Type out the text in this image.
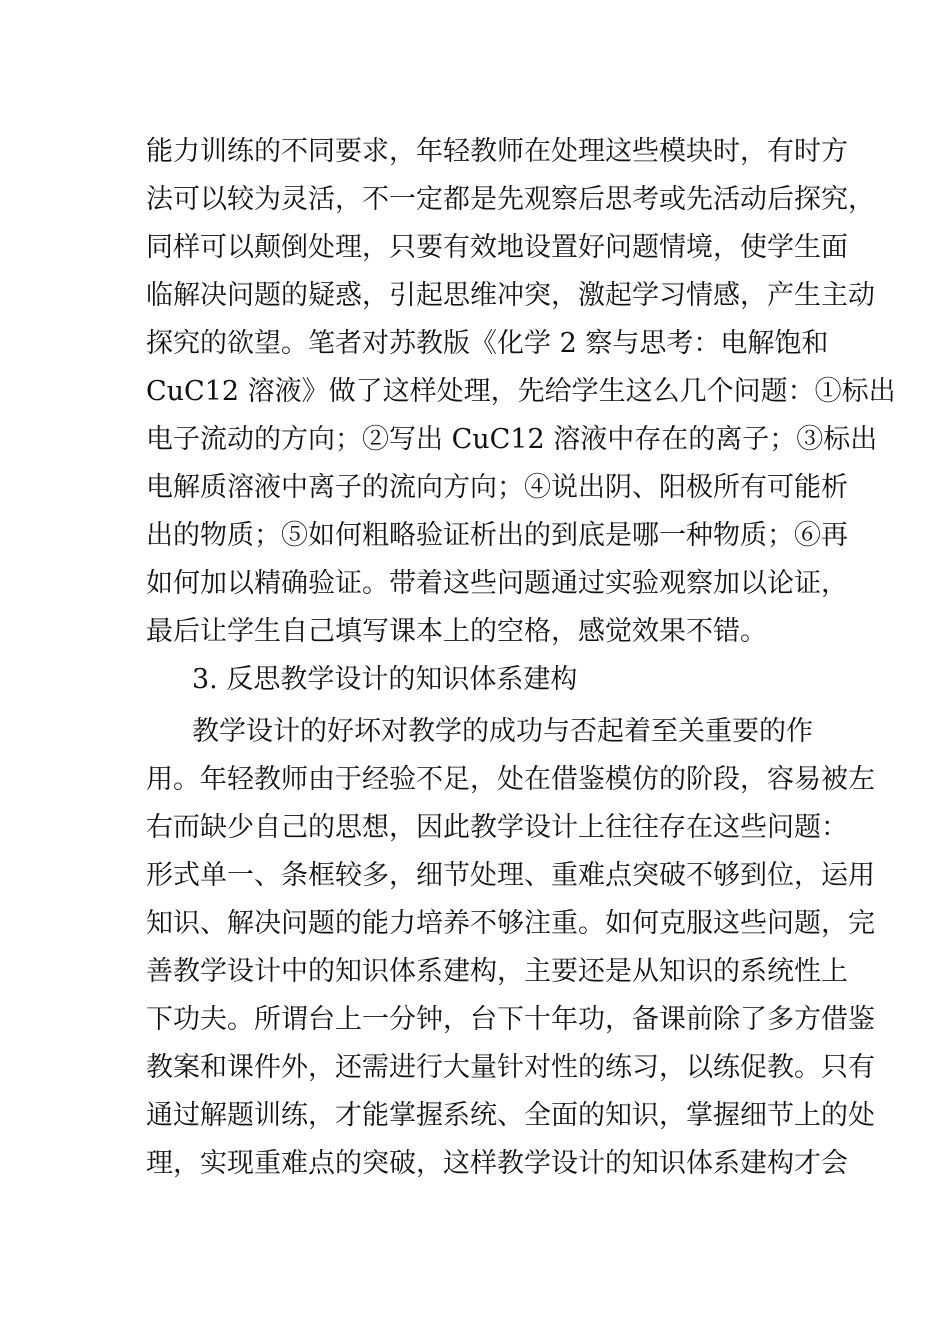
能力训练的不同要求，年轻教师在处理这些模块时，有时方
法可以较为灵活，不一定都是先观察后思考或先活动后探究，
同样可以颠倒处理，只要有效地设置好问题情境，使学生面
临解决问题的疑惑，引起思维冲突，激起学习情感，产生主动
探究的欲望。笔者对苏教版《化学 2 察与思考：电解饱和
CuC12 溶液》做了这样处理，先给学生这么几个问题：①标出
电子流动的方向；②写出 CuC12 溶液中存在的离子；③标出
电解质溶液中离子的流向方向；④说出阴、阳极所有可能析
出的物质；⑤如何粗略验证析出的到底是哪一种物质；⑥再
如何加以精确验证。带着这些问题通过实验观察加以论证，
最后让学生自己填写课本上的空格，感觉效果不错。
3. 反思教学设计的知识体系建构
教学设计的好坏对教学的成功与否起着至关重要的作
用。年轻教师由于经验不足，处在借鉴模仿的阶段，容易被左
右而缺少自己的思想，因此教学设计上往往存在这些问题：
形式单一、条框较多，细节处理、重难点突破不够到位，运用
知识、解决问题的能力培养不够注重。如何克服这些问题，完
善教学设计中的知识体系建构，主要还是从知识的系统性上
下功夫。所谓台上一分钟，台下十年功，备课前除了多方借鉴
教案和课件外，还需进行大量针对性的练习，以练促教。只有
通过解题训练，才能掌握系统、全面的知识，掌握细节上的处
理，实现重难点的突破，这样教学设计的知识体系建构才会
